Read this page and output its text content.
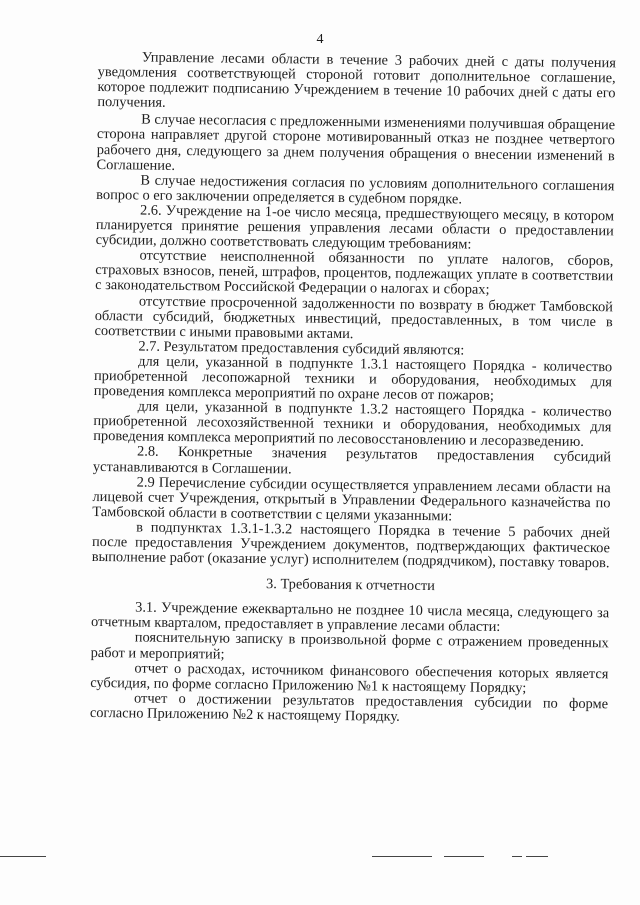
4

Управление лесами области в течение 3 рабочих дней с даты получения уведомления соответствующей стороной готовит дополнительное соглашение, которое подлежит подписанию Учреждением в течение 10 рабочих дней с даты его получения.

В случае несогласия с предложенными изменениями получившая обращение сторона направляет другой стороне мотивированный отказ не позднее четвертого рабочего дня, следующего за днем получения обращения о внесении изменений в Соглашение.

В случае недостижения согласия по условиям дополнительного соглашения вопрос о его заключении определяется в судебном порядке.

2.6. Учреждение на 1-ое число месяца, предшествующего месяцу, в котором планируется принятие решения управления лесами области о предоставлении субсидии, должно соответствовать следующим требованиям:

отсутствие неисполненной обязанности по уплате налогов, сборов, страховых взносов, пеней, штрафов, процентов, подлежащих уплате в соответствии с законодательством Российской Федерации о налогах и сборах;

отсутствие просроченной задолженности по возврату в бюджет Тамбовской области субсидий, бюджетных инвестиций, предоставленных, в том числе в соответствии с иными правовыми актами.

2.7. Результатом предоставления субсидий являются:

для цели, указанной в подпункте 1.3.1 настоящего Порядка - количество приобретенной лесопожарной техники и оборудования, необходимых для проведения комплекса мероприятий по охране лесов от пожаров;

для цели, указанной в подпункте 1.3.2 настоящего Порядка - количество приобретенной лесохозяйственной техники и оборудования, необходимых для проведения комплекса мероприятий по лесовосстановлению и лесоразведению.

2.8. Конкретные значения результатов предоставления субсидий устанавливаются в Соглашении.

2.9 Перечисление субсидии осуществляется управлением лесами области на лицевой счет Учреждения, открытый в Управлении Федерального казначейства по Тамбовской области в соответствии с целями указанными:

в подпунктах 1.3.1-1.3.2 настоящего Порядка в течение 5 рабочих дней после предоставления Учреждением документов, подтверждающих фактическое выполнение работ (оказание услуг) исполнителем (подрядчиком), поставку товаров.

3. Требования к отчетности

3.1. Учреждение ежеквартально не позднее 10 числа месяца, следующего за отчетным кварталом, предоставляет в управление лесами области:

пояснительную записку в произвольной форме с отражением проведенных работ и мероприятий;

отчет о расходах, источником финансового обеспечения которых является субсидия, по форме согласно Приложению №1 к настоящему Порядку;

отчет о достижении результатов предоставления субсидии по форме согласно Приложению №2 к настоящему Порядку.
